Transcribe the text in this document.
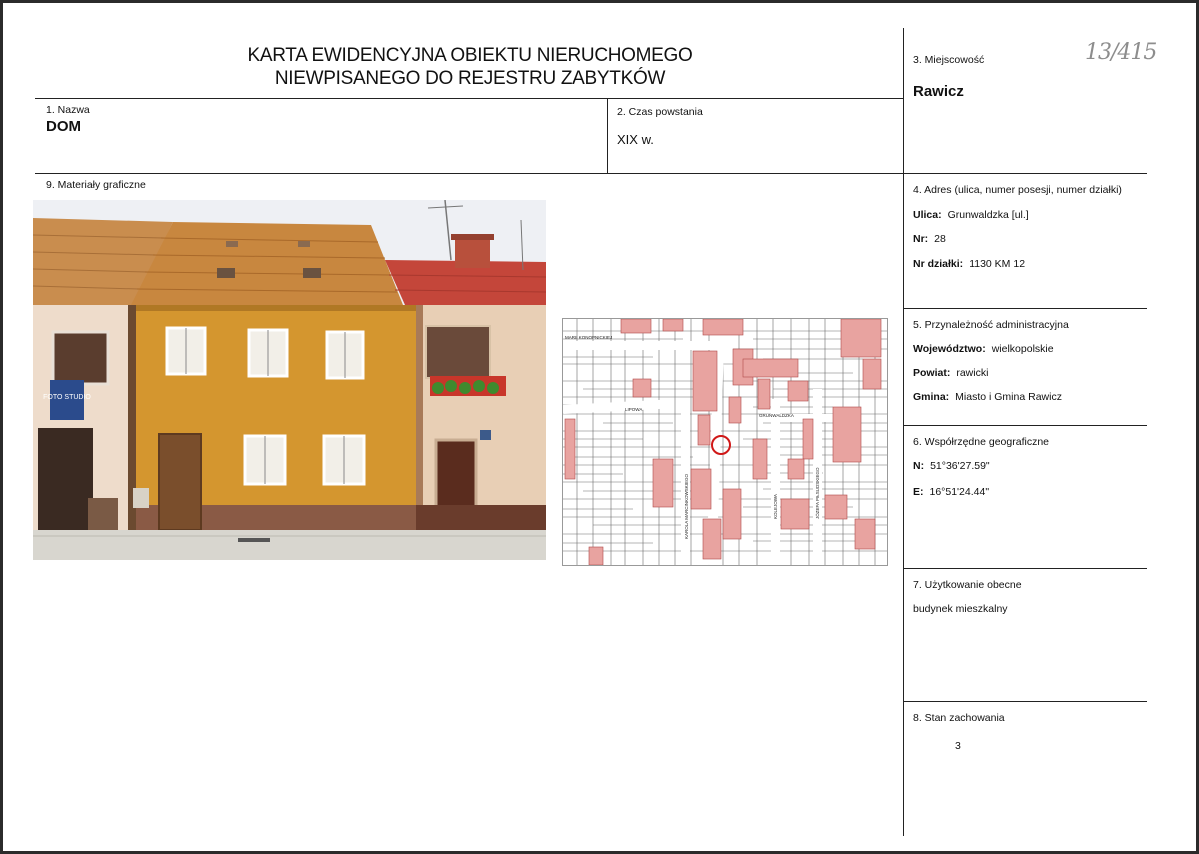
KARTA EWIDENCYJNA OBIEKTU NIERUCHOMEGO
NIEWPISANEGO DO REJESTRU ZABYTKÓW
13/415
1. Nazwa
DOM
2. Czas powstania
XIX w.
3. Miejscowość
Rawicz
4. Adres (ulica, numer posesji, numer działki)
Ulica: Grunwaldzka [ul.]
Nr: 28
Nr działki: 1130 KM 12
5. Przynależność administracyjna
Województwo: wielkopolskie
Powiat: rawicki
Gmina: Miasto i Gmina Rawicz
6. Współrzędne geograficzne
N: 51°36'27.59"
E: 16°51'24.44"
7. Użytkowanie obecne
budynek mieszkalny
8. Stan zachowania
3
9. Materiały graficzne
FOTO STUDIO
MARII KONOPNICKIEJ
LIPOWA
GRUNWALDZKA
KAROLA MARCINKOWSKIEGO	KOLEJOWA	JÓZEFA PIŁSUDSKIEGO
